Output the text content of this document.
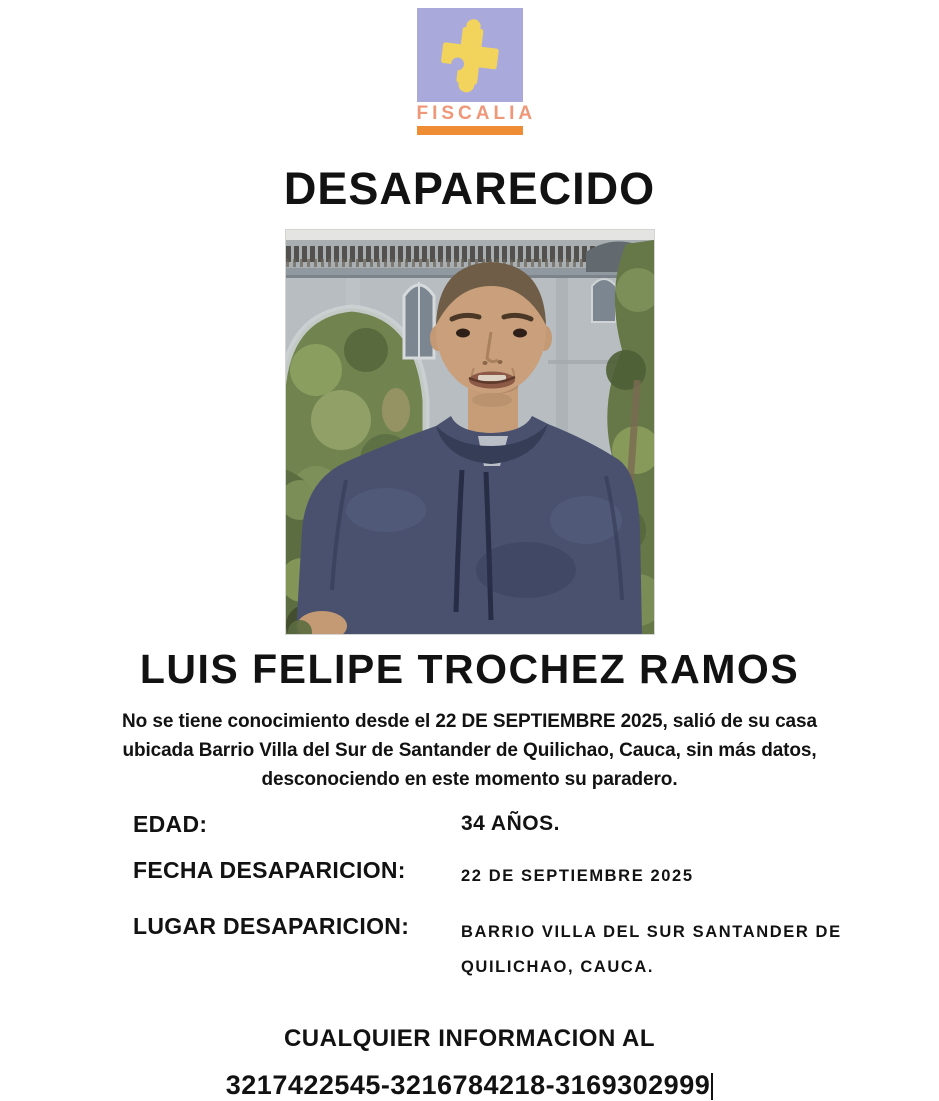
FISCALIA
DESAPARECIDO
LUIS FELIPE TROCHEZ RAMOS

No se tiene conocimiento desde el 22 DE SEPTIEMBRE 2025, salió de su casa ubicada Barrio Villa del Sur de Santander de Quilichao, Cauca, sin más datos, desconociendo en este momento su paradero.

EDAD:	34 AÑOS.
FECHA DESAPARICION:	22 DE SEPTIEMBRE 2025
LUGAR DESAPARICION:	BARRIO VILLA DEL SUR SANTANDER DE QUILICHAO, CAUCA.
CUALQUIER INFORMACION AL
3217422545-3216784218-3169302999
